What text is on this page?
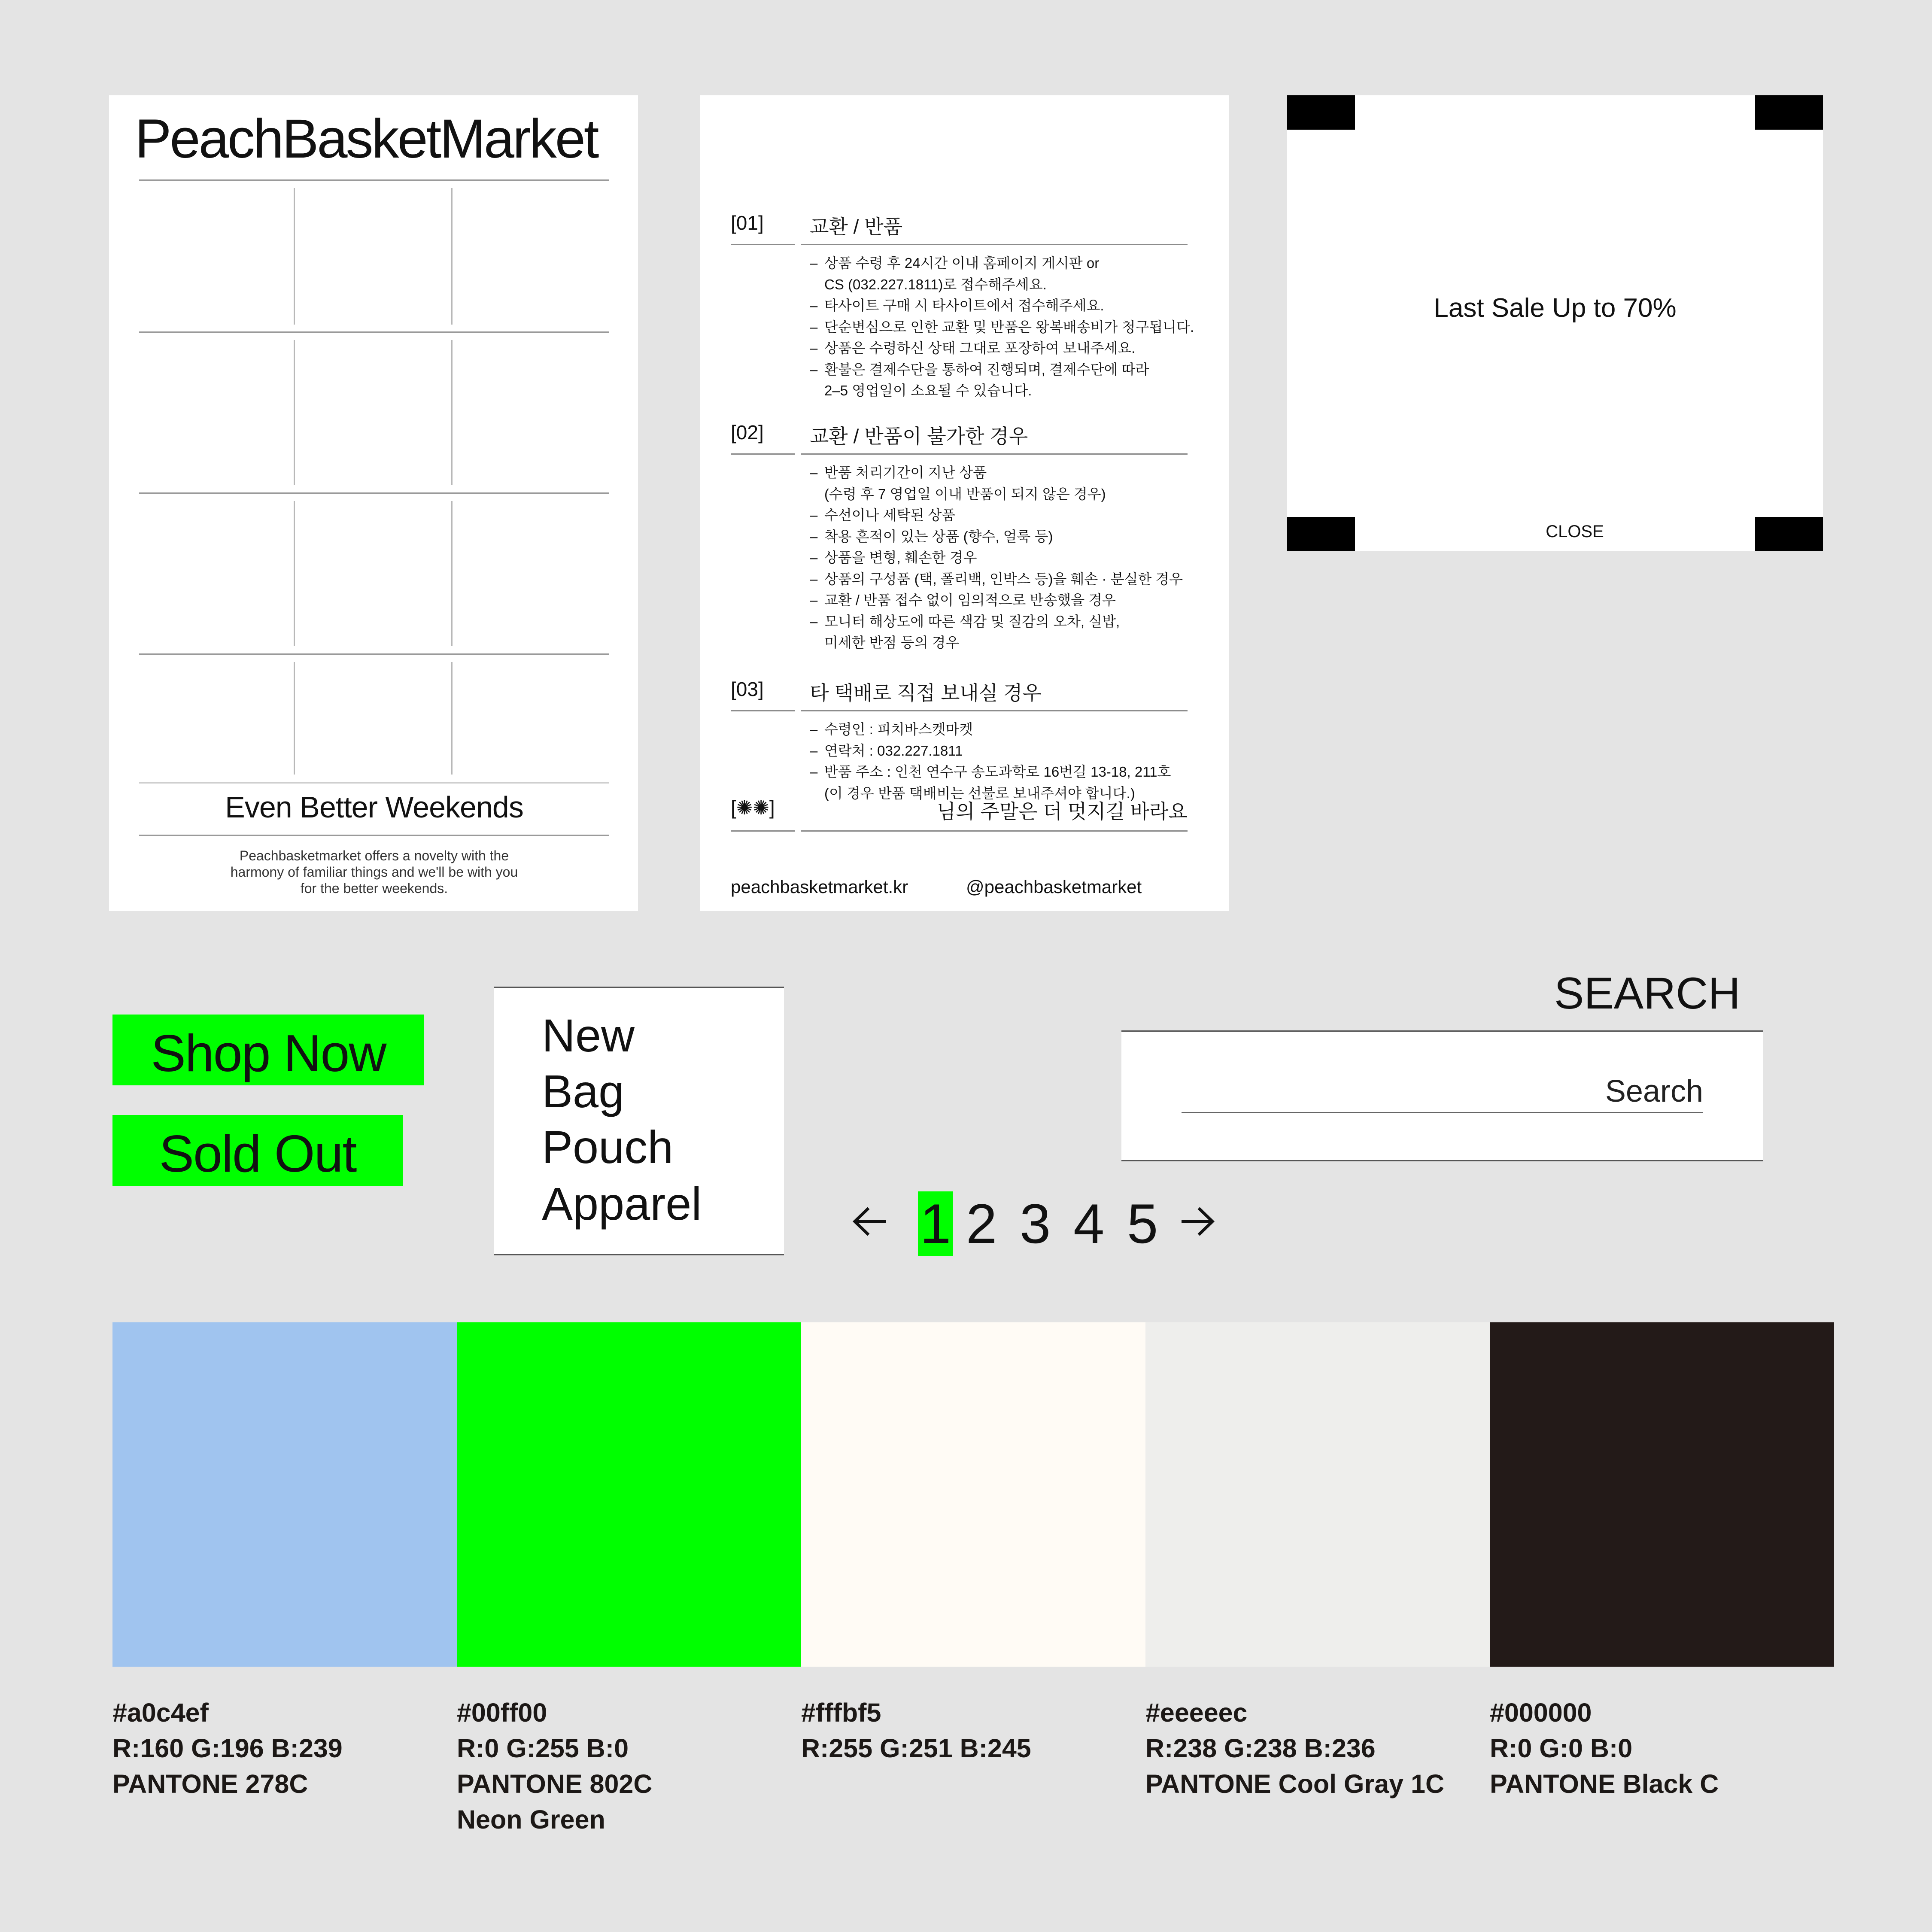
PeachBasketMarket
Even Better Weekends
Peachbasketmarket offers a novelty with the harmony of familiar things and we'll be with you for the better weekends.
[01] 교환 / 반품
– 상품 수령 후 24시간 이내 홈페이지 게시판 or
CS (032.227.1811)로 접수해주세요.
– 타사이트 구매 시 타사이트에서 접수해주세요.
– 단순변심으로 인한 교환 및 반품은 왕복배송비가 청구됩니다.
– 상품은 수령하신 상태 그대로 포장하여 보내주세요.
– 환불은 결제수단을 통하여 진행되며, 결제수단에 따라
2–5 영업일이 소요될 수 있습니다.
[02] 교환 / 반품이 불가한 경우
– 반품 처리기간이 지난 상품
(수령 후 7 영업일 이내 반품이 되지 않은 경우)
– 수선이나 세탁된 상품
– 착용 흔적이 있는 상품 (향수, 얼룩 등)
– 상품을 변형, 훼손한 경우
– 상품의 구성품 (택, 폴리백, 인박스 등)을 훼손 · 분실한 경우
– 교환 / 반품 접수 없이 임의적으로 반송했을 경우
– 모니터 해상도에 따른 색감 및 질감의 오차, 실밥,
미세한 반점 등의 경우
[03] 타 택배로 직접 보내실 경우
– 수령인 : 피치바스켓마켓
– 연락처 : 032.227.1811
– 반품 주소 : 인천 연수구 송도과학로 16번길 13-18, 211호
(이 경우 반품 택배비는 선불로 보내주셔야 합니다.)
[✺✺]	님의 주말은 더 멋지길 바라요
peachbasketmarket.kr	@peachbasketmarket
Last Sale Up to 70%
CLOSE
Shop Now
Sold Out
New
Bag
Pouch
Apparel	1 2 3 4 5
SEARCH
Search
#a0c4ef
R:160 G:196 B:239
PANTONE 278C
#00ff00
R:0 G:255 B:0
PANTONE 802C
Neon Green
#fffbf5
R:255 G:251 B:245
#eeeeec
R:238 G:238 B:236
PANTONE Cool Gray 1C
#000000
R:0 G:0 B:0
PANTONE Black C
